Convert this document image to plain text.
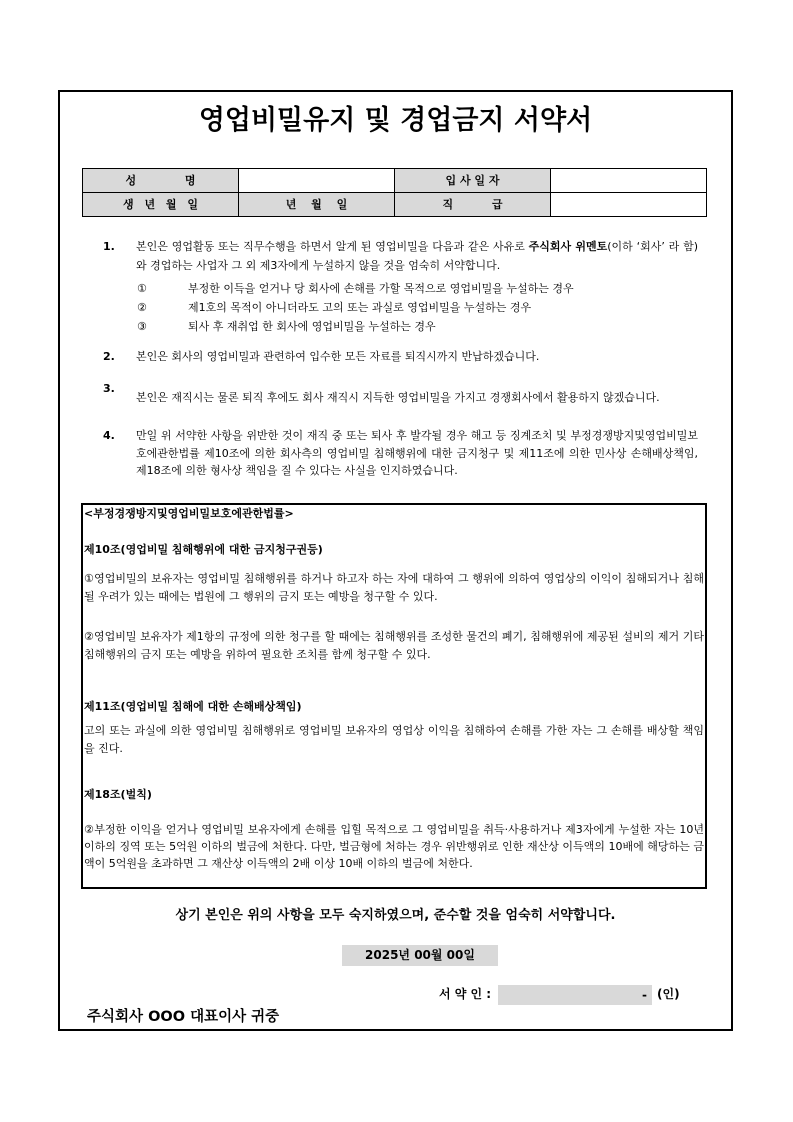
영업비밀유지 및 경업금지 서약서
성 명		입 사 일 자	
생 년 월 일	년 월 일	직 급	
1. 본인은 영업활동 또는 직무수행을 하면서 알게 된 영업비밀을 다음과 같은 사유로 주식회사 위멘토(이하 ‘회사’ 라 함)와 경업하는 사업자 그 외 제3자에게 누설하지 않을 것을 엄숙히 서약합니다.
①	부정한 이득을 얻거나 당 회사에 손해를 가할 목적으로 영업비밀을 누설하는 경우
②	제1호의 목적이 아니더라도 고의 또는 과실로 영업비밀을 누설하는 경우
③	퇴사 후 재취업 한 회사에 영업비밀을 누설하는 경우
2. 본인은 회사의 영업비밀과 관련하여 입수한 모든 자료를 퇴직시까지 반납하겠습니다.
3.
본인은 재직시는 물론 퇴직 후에도 회사 재직시 지득한 영업비밀을 가지고 경쟁회사에서 활용하지 않겠습니다.
4. 만일 위 서약한 사항을 위반한 것이 재직 중 또는 퇴사 후 발각될 경우 해고 등 징계조치 및 부정경쟁방지및영업비밀보호에관한법률 제10조에 의한 회사측의 영업비밀 침해행위에 대한 금지청구 및 제11조에 의한 민사상 손해배상책임, 제18조에 의한 형사상 책임을 질 수 있다는 사실을 인지하였습니다.
<부정경쟁방지및영업비밀보호에관한법률>
제10조(영업비밀 침해행위에 대한 금지청구권등)
①영업비밀의 보유자는 영업비밀 침해행위를 하거나 하고자 하는 자에 대하여 그 행위에 의하여 영업상의 이익이 침해되거나 침해될 우려가 있는 때에는 법원에 그 행위의 금지 또는 예방을 청구할 수 있다.
②영업비밀 보유자가 제1항의 규정에 의한 청구를 할 때에는 침해행위를 조성한 물건의 폐기, 침해행위에 제공된 설비의 제거 기타 침해행위의 금지 또는 예방을 위하여 필요한 조치를 함께 청구할 수 있다.
제11조(영업비밀 침해에 대한 손해배상책임)
고의 또는 과실에 의한 영업비밀 침해행위로 영업비밀 보유자의 영업상 이익을 침해하여 손해를 가한 자는 그 손해를 배상할 책임을 진다.
제18조(벌칙)
②부정한 이익을 얻거나 영업비밀 보유자에게 손해를 입힐 목적으로 그 영업비밀을 취득·사용하거나 제3자에게 누설한 자는 10년 이하의 징역 또는 5억원 이하의 벌금에 처한다. 다만, 벌금형에 처하는 경우 위반행위로 인한 재산상 이득액의 10배에 해당하는 금액이 5억원을 초과하면 그 재산상 이득액의 2배 이상 10배 이하의 벌금에 처한다.
상기 본인은 위의 사항을 모두 숙지하였으며, 준수할 것을 엄숙히 서약합니다.
2025년 00월 00일
서 약 인 :	- (인)
주식회사 OOO 대표이사 귀중
